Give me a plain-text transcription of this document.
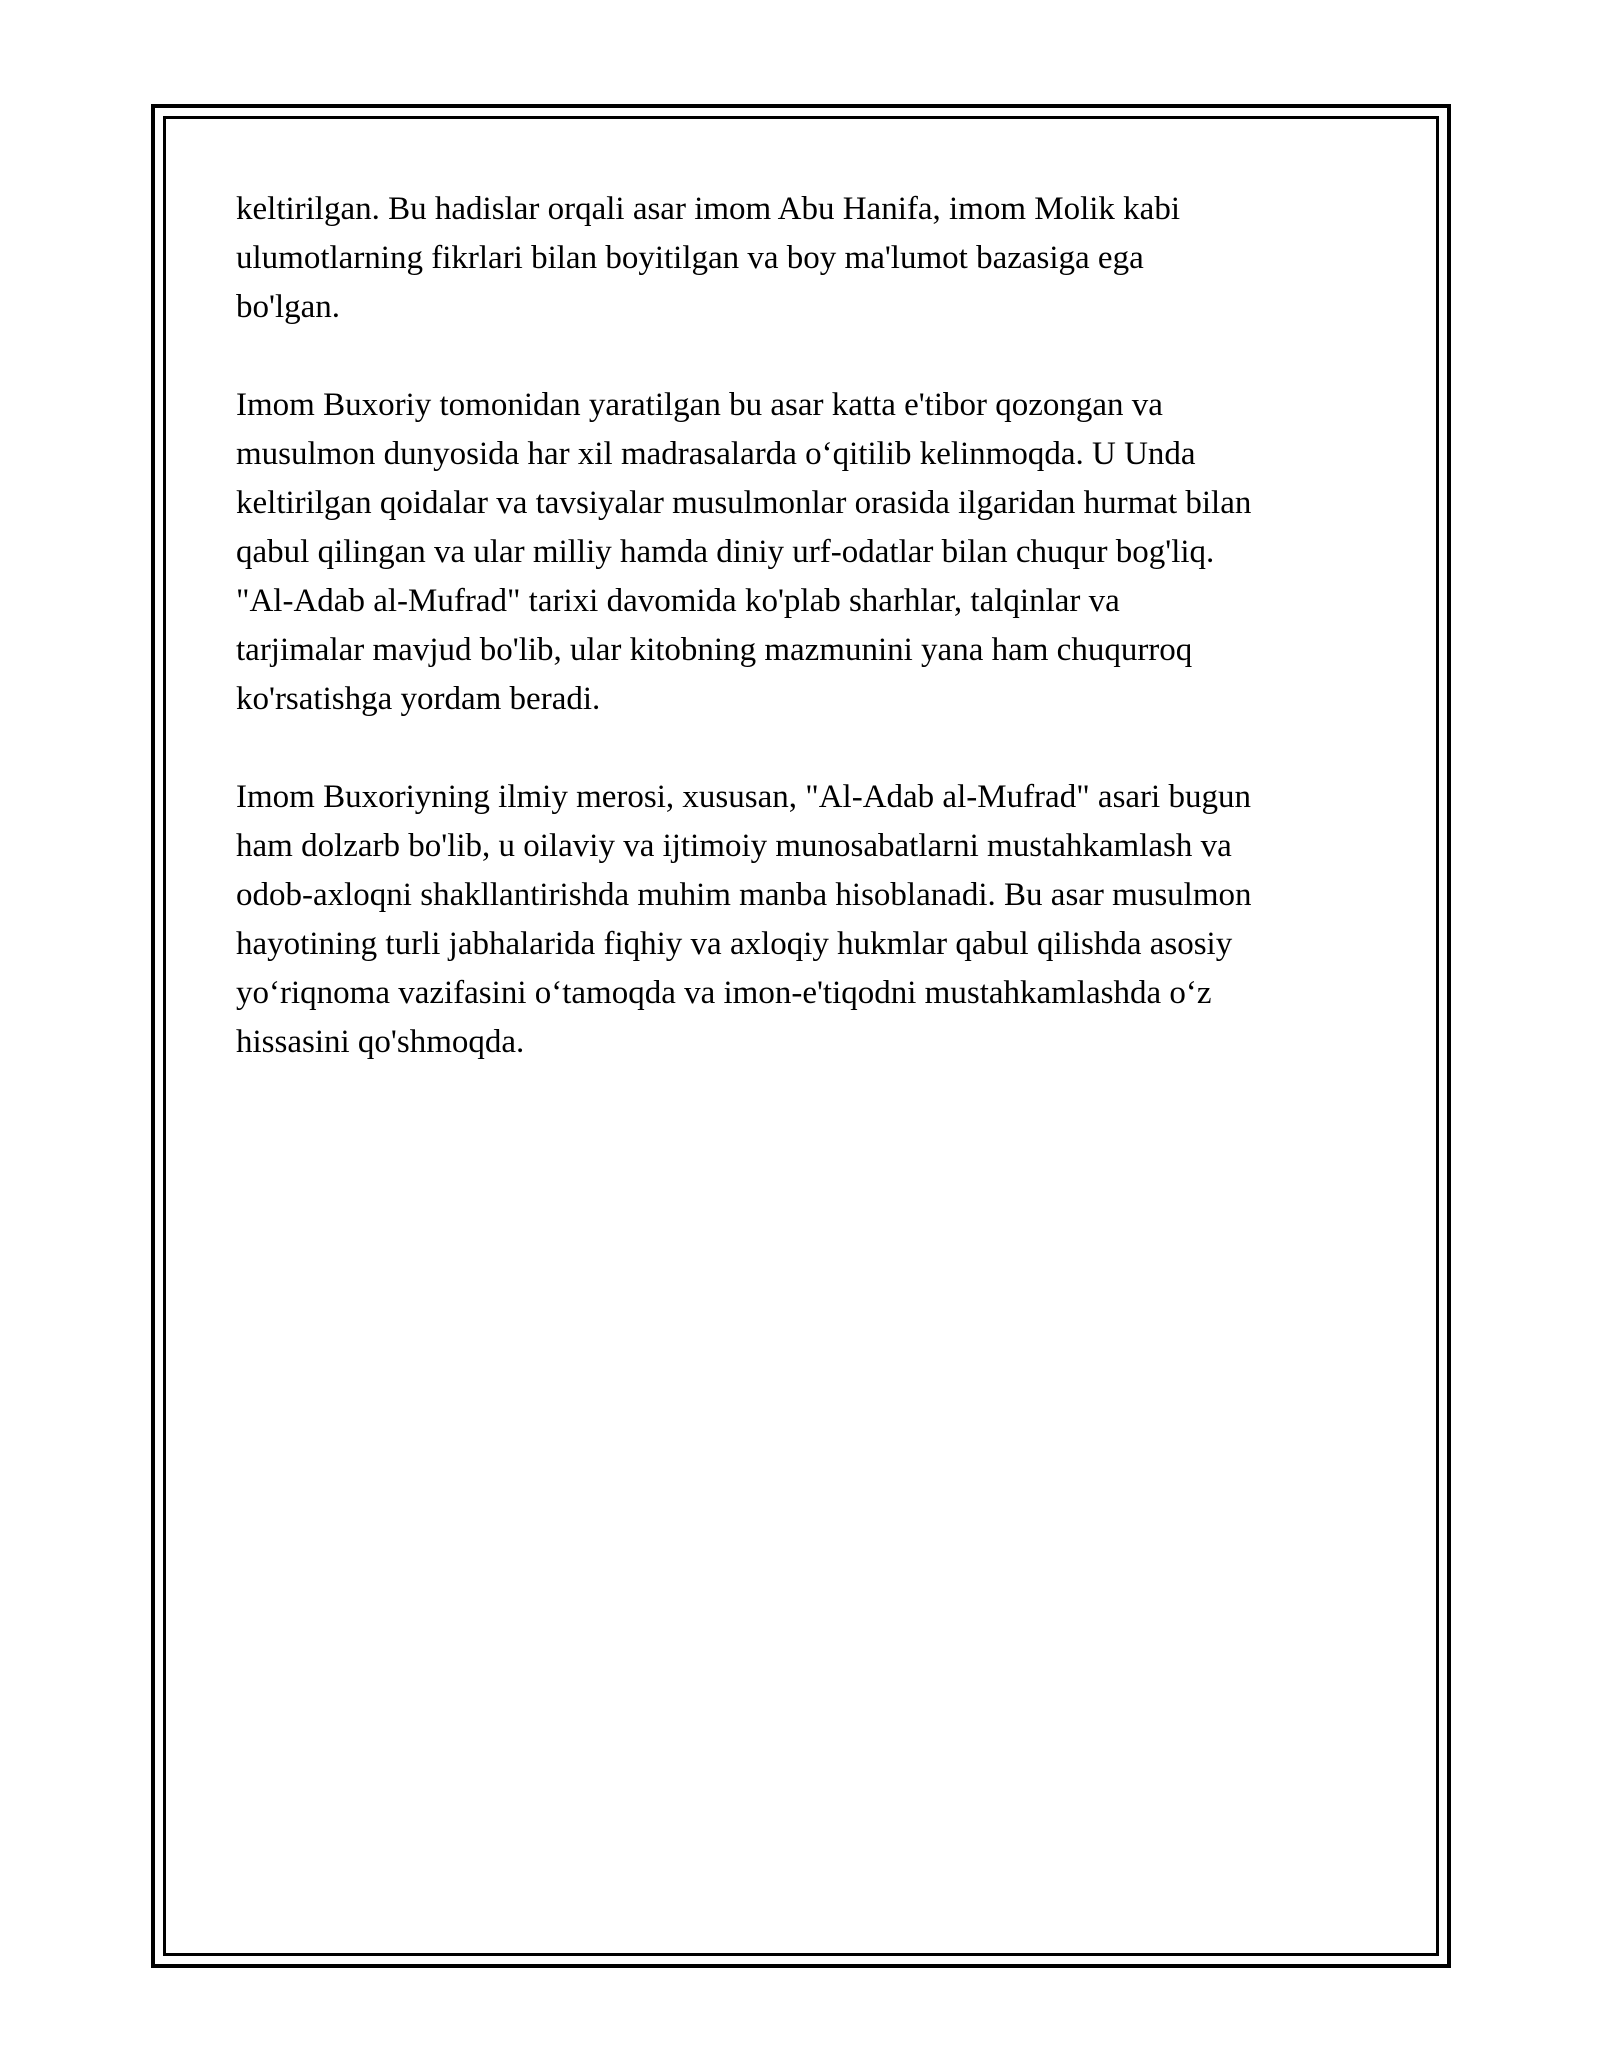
keltirilgan. Bu hadislar orqali asar imom Abu Hanifa, imom Molik kabi
ulumotlarning fikrlari bilan boyitilgan va boy ma'lumot bazasiga ega
bo'lgan.

Imom Buxoriy tomonidan yaratilgan bu asar katta e'tibor qozongan va
musulmon dunyosida har xil madrasalarda o‘qitilib kelinmoqda. U Unda
keltirilgan qoidalar va tavsiyalar musulmonlar orasida ilgaridan hurmat bilan
qabul qilingan va ular milliy hamda diniy urf-odatlar bilan chuqur bog'liq.
"Al-Adab al-Mufrad" tarixi davomida ko'plab sharhlar, talqinlar va
tarjimalar mavjud bo'lib, ular kitobning mazmunini yana ham chuqurroq
ko'rsatishga yordam beradi.

Imom Buxoriyning ilmiy merosi, xususan, "Al-Adab al-Mufrad" asari bugun
ham dolzarb bo'lib, u oilaviy va ijtimoiy munosabatlarni mustahkamlash va
odob-axloqni shakllantirishda muhim manba hisoblanadi. Bu asar musulmon
hayotining turli jabhalarida fiqhiy va axloqiy hukmlar qabul qilishda asosiy
yo‘riqnoma vazifasini o‘tamoqda va imon-e'tiqodni mustahkamlashda o‘z
hissasini qo'shmoqda.
